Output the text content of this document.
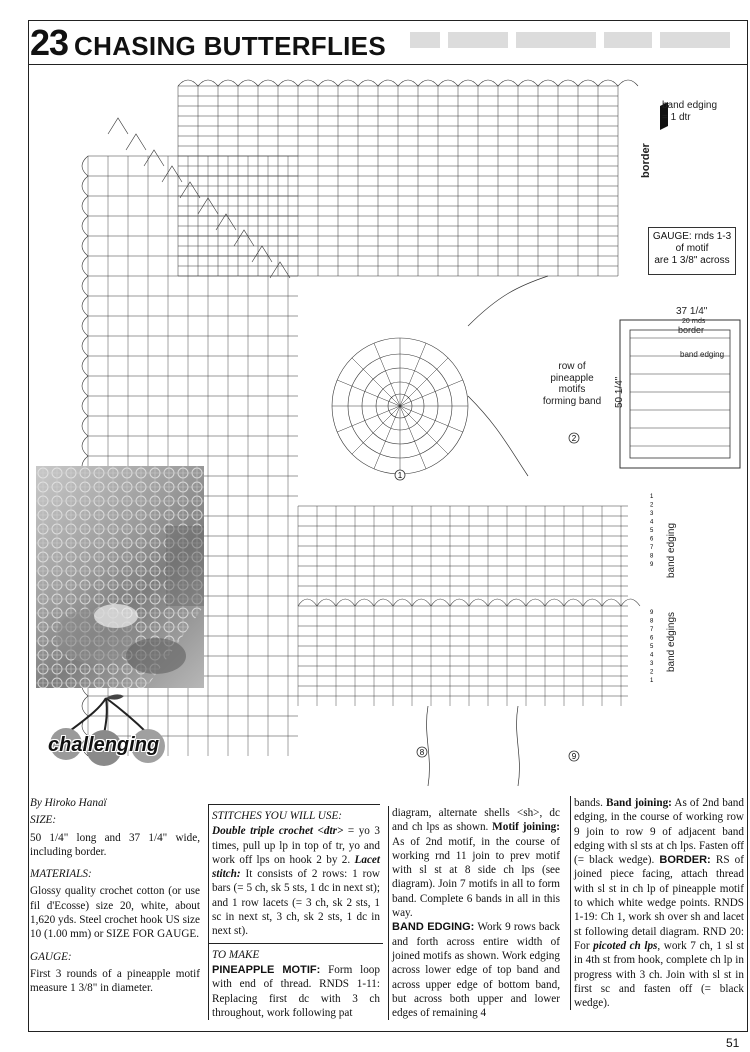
23 CHASING BUTTERFLIES
1
2
8	9
1
2
3
4
5
6
7
8
9
9
8
7
6
5
4
3
2
1
band edging
= 1 dtr
border
GAUGE: rnds 1-3
of motif
are 1 3/8" across
37 1/4"
20 rnds
border
band edging
50 1/4"
row of
pineapple
motifs
forming band
band edging
band edgings
challenging

By Hiroko Hanaï

SIZE:

50 1/4" long and 37 1/4" wide, including border.

MATERIALS:

Glossy quality crochet cotton (or use fil d'Ecosse) size 20, white, about 1,620 yds. Steel crochet hook US size 10 (1.00 mm) or SIZE FOR GAUGE.

GAUGE:

First 3 rounds of a pineapple motif measure 1 3/8" in diameter.

STITCHES YOU WILL USE:
Double triple crochet <dtr> = yo 3 times, pull up lp in top of tr, yo and work off lps on hook 2 by 2. Lacet stitch: It consists of 2 rows: 1 row bars (= 5 ch, sk 5 sts, 1 dc in next st); and 1 row lacets (= 3 ch, sk 2 sts, 1 sc in next st, 3 ch, sk 2 sts, 1 dc in next st).
TO MAKE
PINEAPPLE MOTIF: Form loop with end of thread. RNDS 1-11: Replacing first dc with 3 ch throughout, work following pat
diagram, alternate shells <sh>, dc and ch lps as shown. Motif joining: As of 2nd motif, in the course of working rnd 11 join to prev motif with sl st at 8 side ch lps (see diagram). Join 7 motifs in all to form band. Complete 6 bands in all in this way.
BAND EDGING: Work 9 rows back and forth across entire width of joined motifs as shown. Work edging across lower edge of top band and across upper edge of bottom band, but across both upper and lower edges of remaining 4
bands. Band joining: As of 2nd band edging, in the course of working row 9 join to row 9 of adjacent band edging with sl sts at ch lps. Fasten off (= black wedge). BORDER: RS of joined piece facing, attach thread with sl st in ch lp of pineapple motif to which white wedge points. RNDS 1-19: Ch 1, work sh over sh and lacet st following detail diagram. RND 20: For picoted ch lps, work 7 ch, 1 sl st in 4th st from hook, complete ch lp in progress with 3 ch. Join with sl st in first sc and fasten off (= black wedge).
51
